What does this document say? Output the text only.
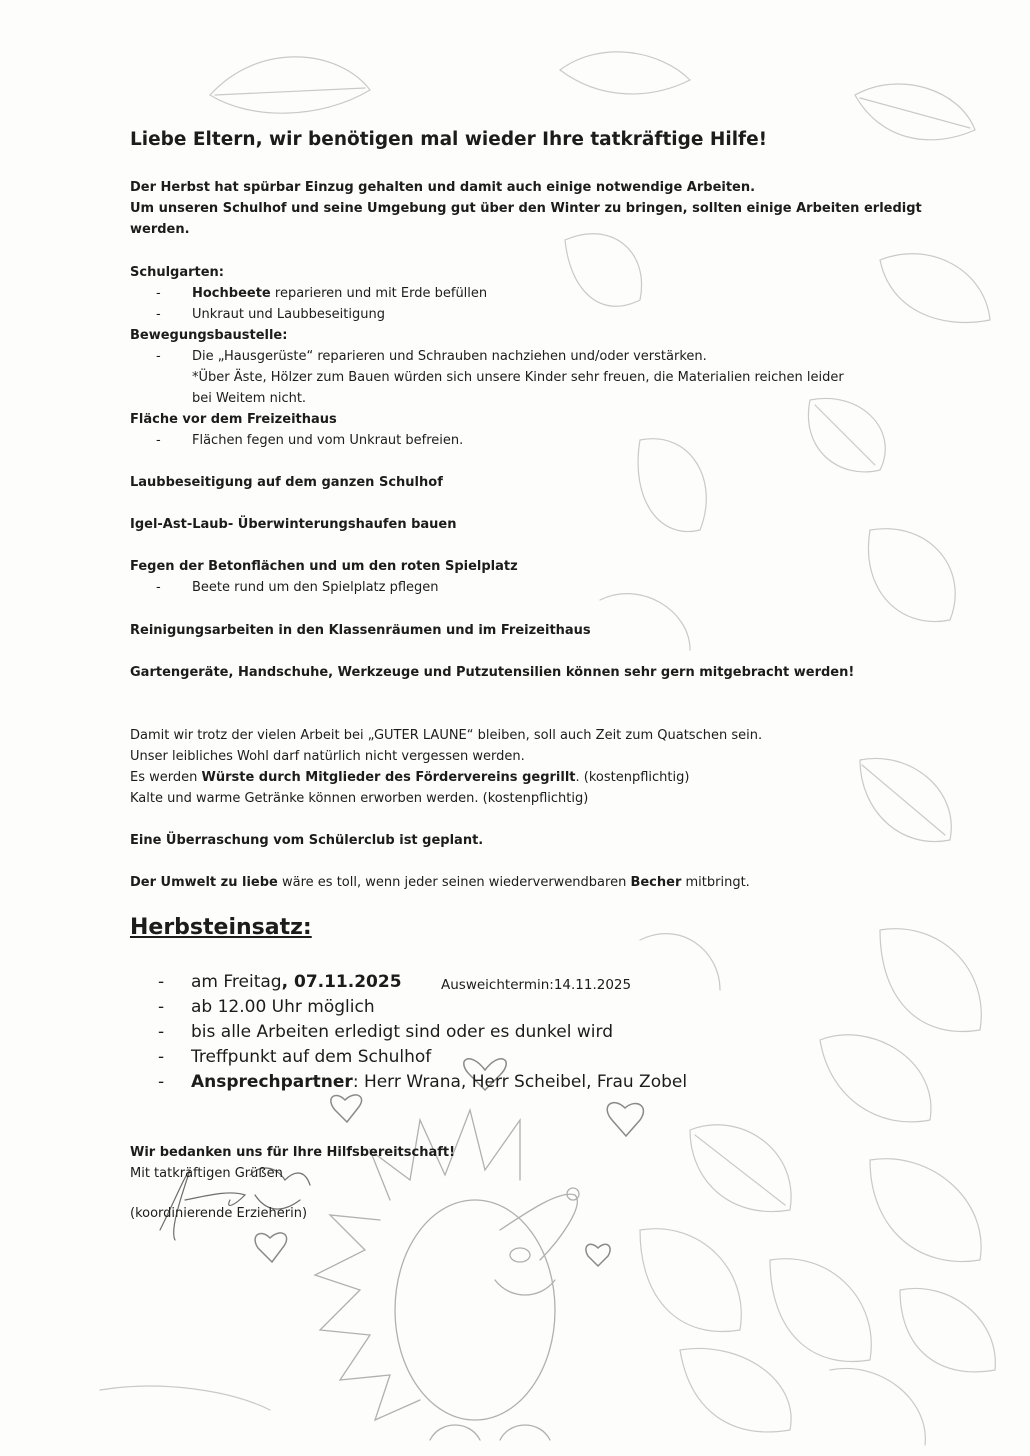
Liebe Eltern, wir benötigen mal wieder Ihre tatkräftige Hilfe!
Der Herbst hat spürbar Einzug gehalten und damit auch einige notwendige Arbeiten.
Um unseren Schulhof und seine Umgebung gut über den Winter zu bringen, sollten einige Arbeiten erledigt
werden.
Schulgarten:
- Hochbeete reparieren und mit Erde befüllen
- Unkraut und Laubbeseitigung
Bewegungsbaustelle:
- Die „Hausgerüste“ reparieren und Schrauben nachziehen und/oder verstärken.
*Über Äste, Hölzer zum Bauen würden sich unsere Kinder sehr freuen, die Materialien reichen leider
bei Weitem nicht.
Fläche vor dem Freizeithaus
- Flächen fegen und vom Unkraut befreien.
Laubbeseitigung auf dem ganzen Schulhof
Igel-Ast-Laub- Überwinterungshaufen bauen
Fegen der Betonflächen und um den roten Spielplatz
- Beete rund um den Spielplatz pflegen
Reinigungsarbeiten in den Klassenräumen und im Freizeithaus
Gartengeräte, Handschuhe, Werkzeuge und Putzutensilien können sehr gern mitgebracht werden!
Damit wir trotz der vielen Arbeit bei „GUTER LAUNE“ bleiben, soll auch Zeit zum Quatschen sein.
Unser leibliches Wohl darf natürlich nicht vergessen werden.
Es werden Würste durch Mitglieder des Fördervereins gegrillt. (kostenpflichtig)
Kalte und warme Getränke können erworben werden. (kostenpflichtig)
Eine Überraschung vom Schülerclub ist geplant.
Der Umwelt zu liebe wäre es toll, wenn jeder seinen wiederverwendbaren Becher mitbringt.
Herbsteinsatz:
- am Freitag, 07.11.2025	Ausweichtermin:14.11.2025
- ab 12.00 Uhr möglich
- bis alle Arbeiten erledigt sind oder es dunkel wird
- Treffpunkt auf dem Schulhof
- Ansprechpartner: Herr Wrana, Herr Scheibel, Frau Zobel
Wir bedanken uns für Ihre Hilfsbereitschaft!
Mit tatkräftigen Grüßen
(koordinierende Erzieherin)
